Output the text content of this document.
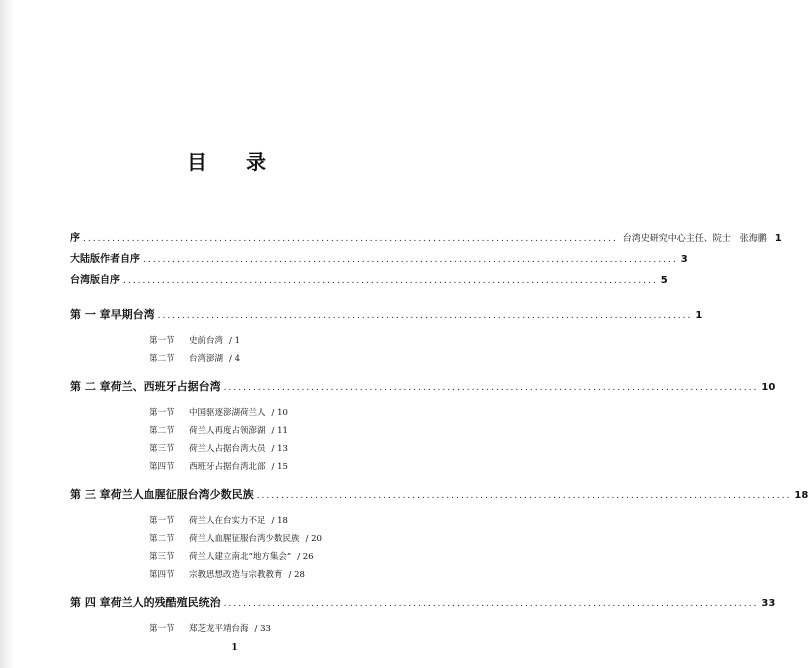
目 录
序 .............................................................................................................. 台湾史研究中心主任、院士　张海鹏 1
大陆版作者自序 .............................................................................................................. 3
台湾版自序 .............................................................................................................. 5
第 一 章 早期台湾 .............................................................................................................. 1
第一节 史前台湾 / 1
第二节 台湾澎湖 / 4
第 二 章 荷兰、西班牙占据台湾 .............................................................................................................. 10
第一节 中国驱逐澎湖荷兰人 / 10
第二节 荷兰人再度占领澎湖 / 11
第三节 荷兰人占据台湾大员 / 13
第四节 西班牙占据台湾北部 / 15
第 三 章 荷兰人血腥征服台湾少数民族 .............................................................................................................. 18
第一节 荷兰人在台实力不足 / 18
第二节 荷兰人血腥征服台湾少数民族 / 20
第三节 荷兰人建立南北“地方集会” / 26
第四节 宗教思想改造与宗教教育 / 28
第 四 章 荷兰人的残酷殖民统治 .............................................................................................................. 33
第一节 郑芝龙平靖台海 / 33
1
